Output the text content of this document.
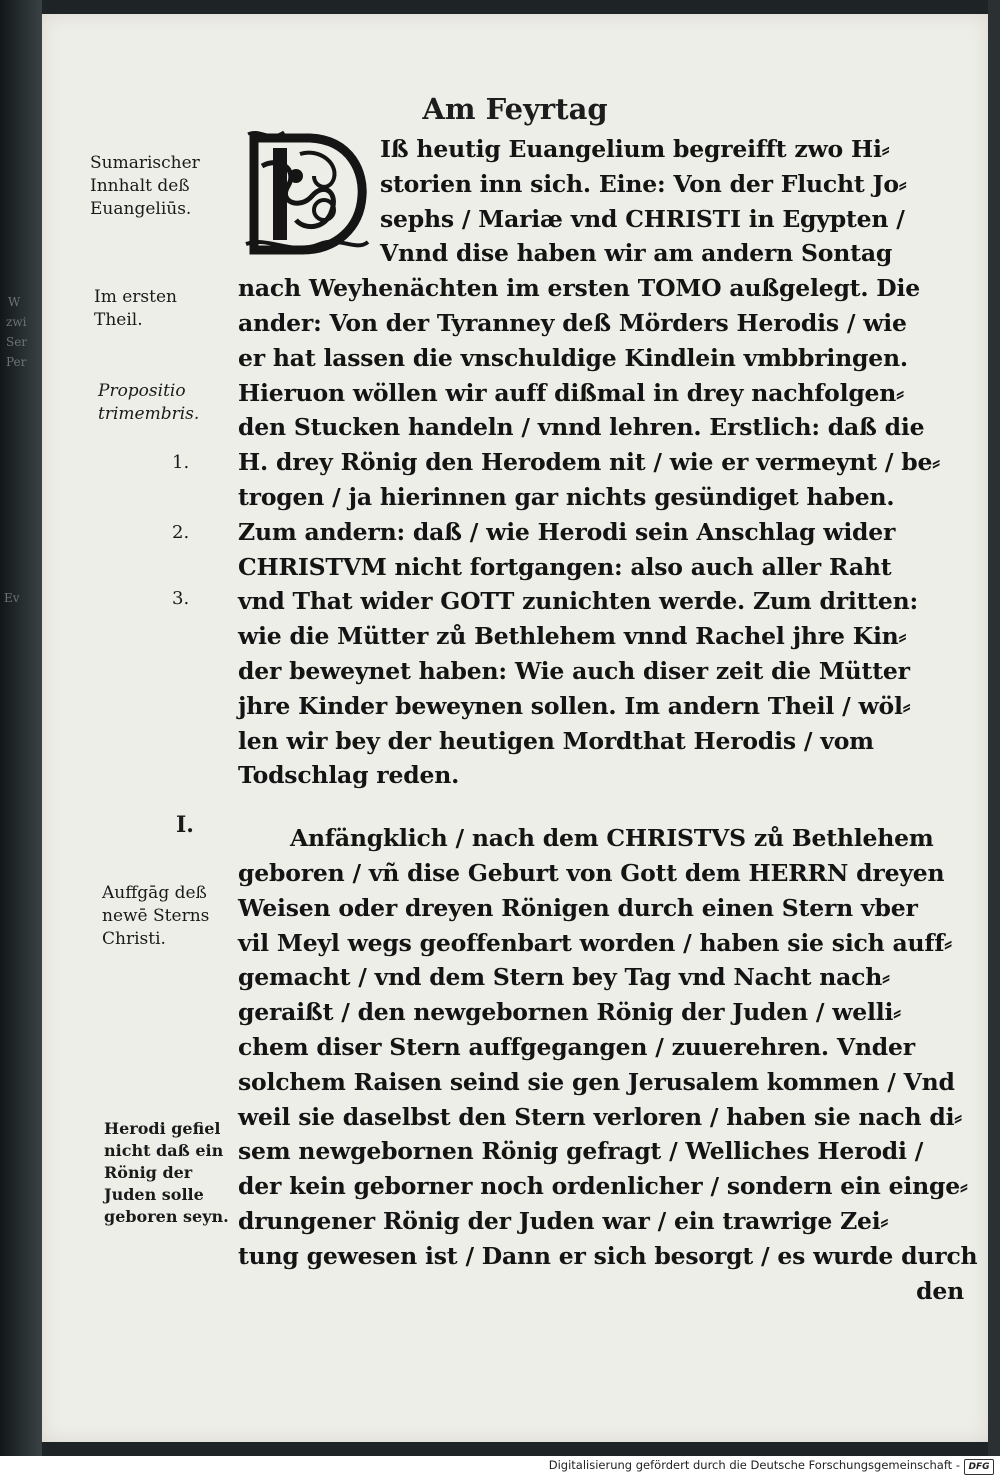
W
zwi
Ser
Per
Ev
Am Feyrtag
Iß heutig Euangelium begreifft zwo Hi⸗
storien inn sich. Eine: Von der Flucht Jo⸗
sephs / Mariæ vnd CHRISTI in Egypten /
Vnnd dise haben wir am andern Sontag
nach Weyhenächten im ersten TOMO außgelegt. Die
ander: Von der Tyranney deß Mörders Herodis / wie
er hat lassen die vnschuldige Kindlein vmbbringen.
Hieruon wöllen wir auff dißmal in drey nachfolgen⸗
den Stucken handeln / vnnd lehren. Erstlich: daß die
H. drey Rönig den Herodem nit / wie er vermeynt / be⸗
trogen / ja hierinnen gar nichts gesündiget haben.
Zum andern: daß / wie Herodi sein Anschlag wider
CHRISTVM nicht fortgangen: also auch aller Raht
vnd That wider GOTT zunichten werde. Zum dritten:
wie die Mütter zů Bethlehem vnnd Rachel jhre Kin⸗
der beweynet haben: Wie auch diser zeit die Mütter
jhre Kinder beweynen sollen. Im andern Theil / wöl⸗
len wir bey der heutigen Mordthat Herodis / vom
Todschlag reden.
Anfängklich / nach dem CHRISTVS zů Bethlehem
geboren / vñ dise Geburt von Gott dem HERRN dreyen
Weisen oder dreyen Rönigen durch einen Stern vber
vil Meyl wegs geoffenbart worden / haben sie sich auff⸗
gemacht / vnd dem Stern bey Tag vnd Nacht nach⸗
geraißt / den newgebornen Rönig der Juden / welli⸗
chem diser Stern auffgegangen / zuuerehren. Vnder
solchem Raisen seind sie gen Jerusalem kommen / Vnd
weil sie daselbst den Stern verloren / haben sie nach di⸗
sem newgebornen Rönig gefragt / Welliches Herodi /
der kein geborner noch ordenlicher / sondern ein einge⸗
drungener Rönig der Juden war / ein trawrige Zei⸗
tung gewesen ist / Dann er sich besorgt / es wurde durch
den
Sumarischer Innhalt deß Euangeliūs.
Im ersten Theil.
Propositio trimembris.
Auffgāg deß newē Sterns Christi.
Herodi gefiel nicht daß ein Rönig der Juden solle geboren seyn.
1.
2.
3.
I.
Digitalisierung gefördert durch die Deutsche Forschungsgemeinschaft - DFG
